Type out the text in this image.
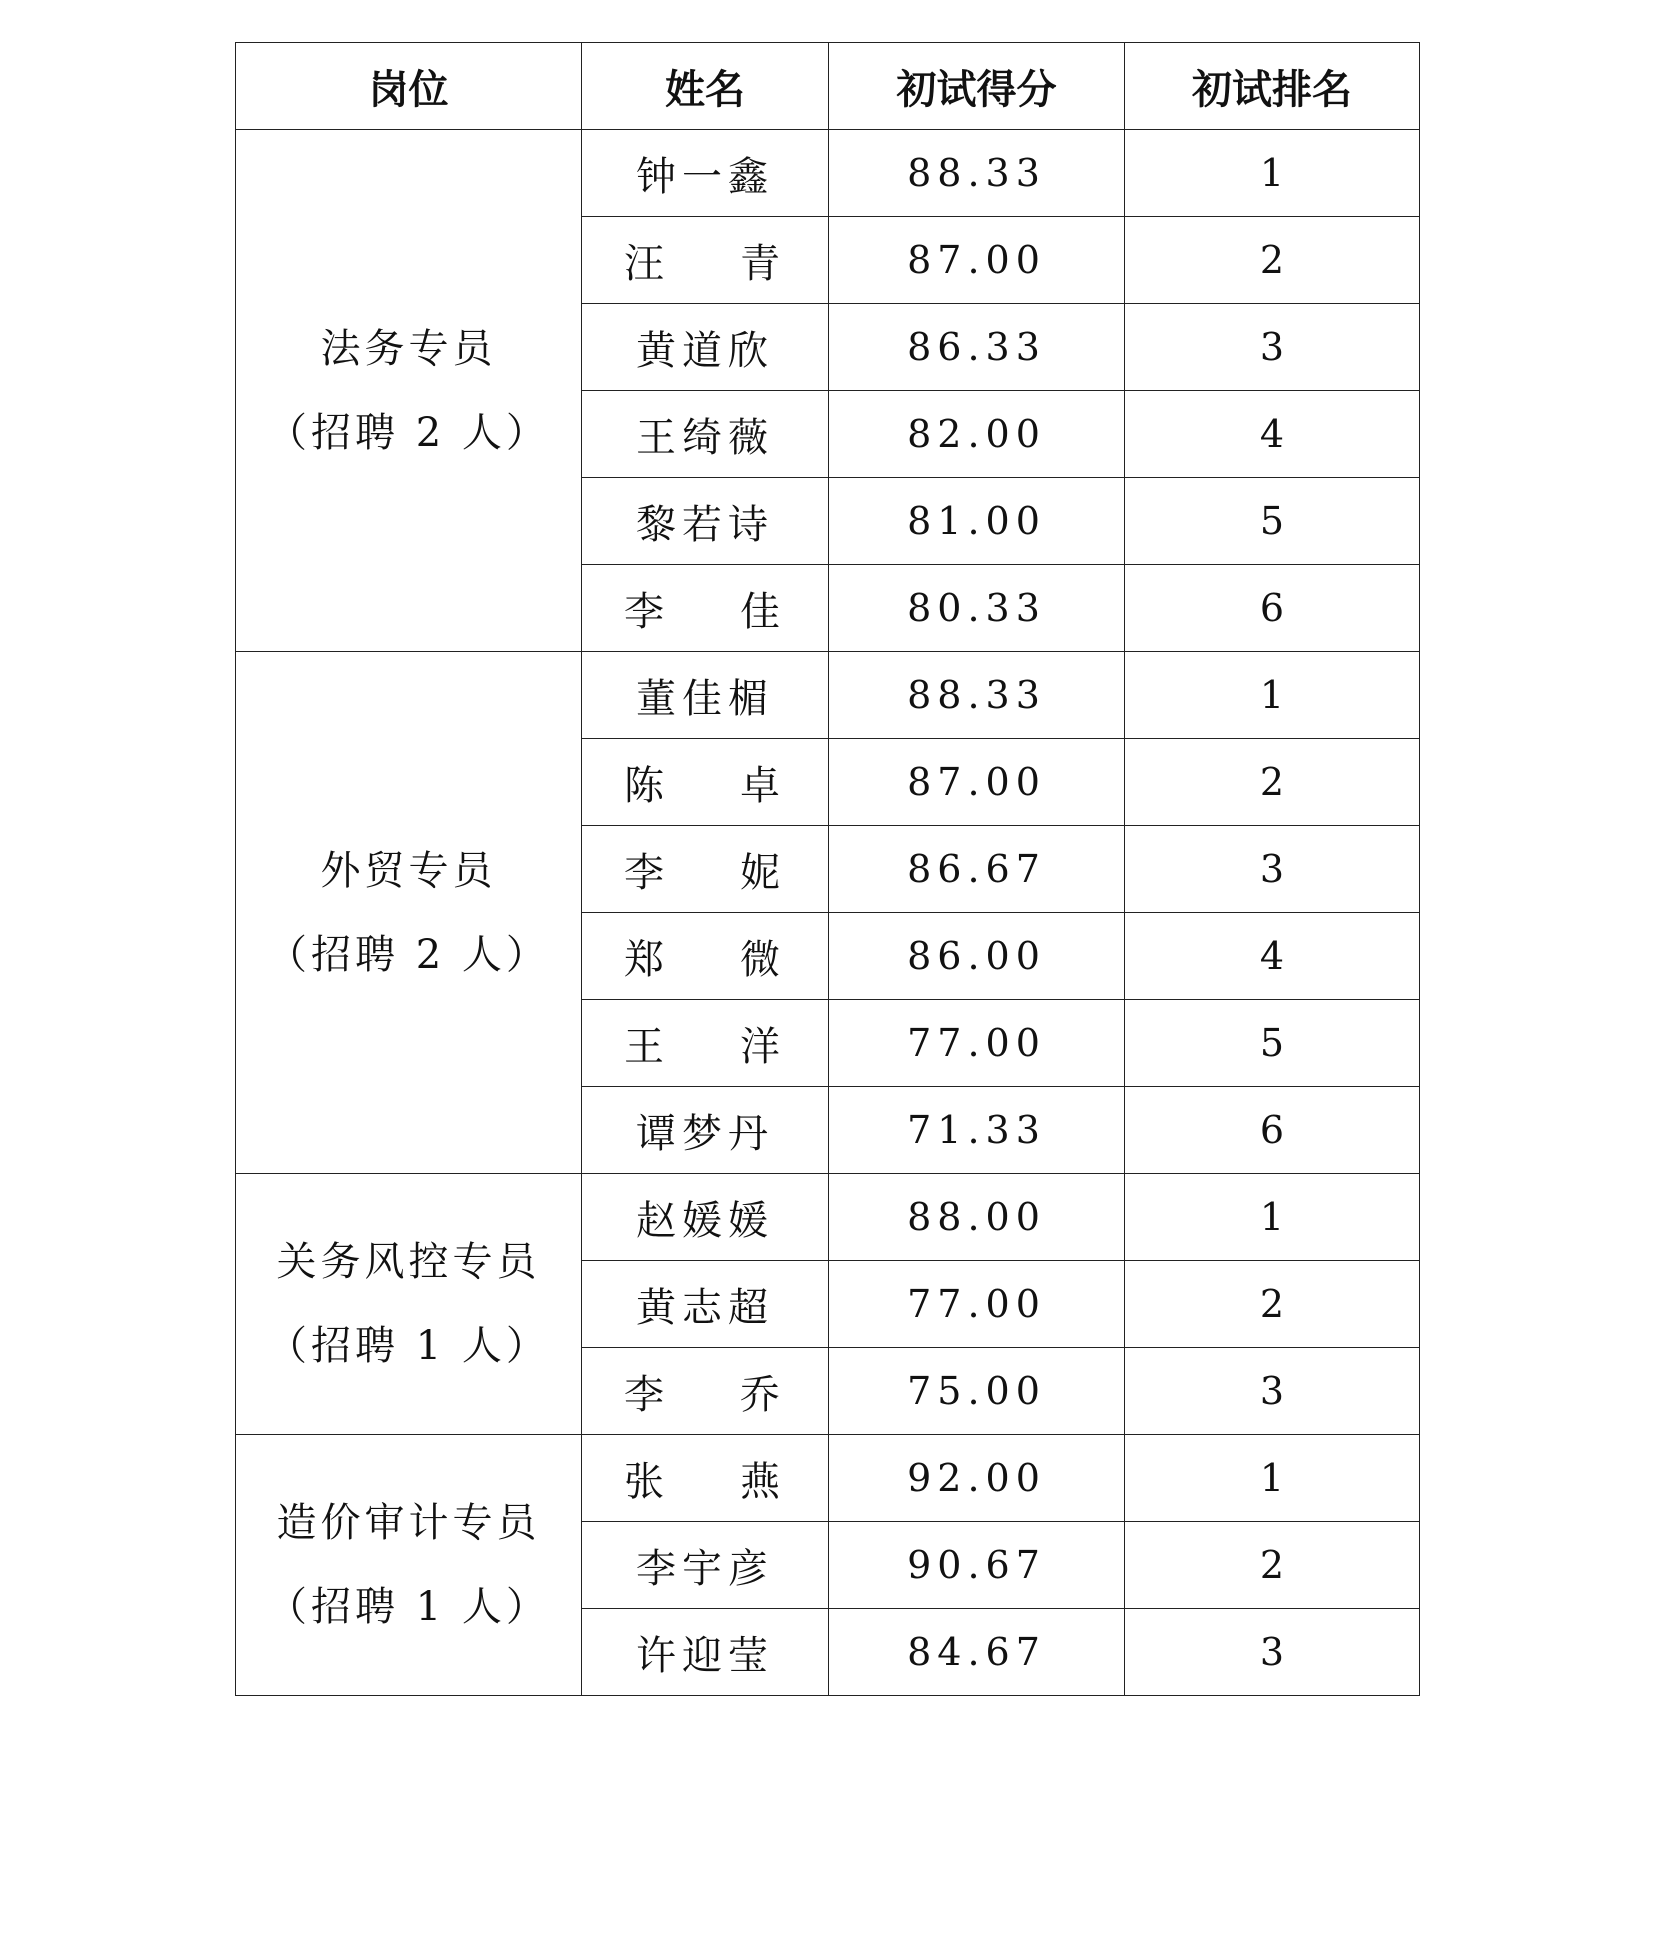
岗位	姓名	初试得分	初试排名

法务专员
（招聘 2 人）	钟一鑫	88.33	1
	汪 青	87.00	2
	黄道欣	86.33	3
	王绮薇	82.00	4
	黎若诗	81.00	5
	李 佳	80.33	6

外贸专员
（招聘 2 人）	董佳楣	88.33	1
	陈 卓	87.00	2
	李 妮	86.67	3
	郑 微	86.00	4
	王 洋	77.00	5
	谭梦丹	71.33	6

关务风控专员
（招聘 1 人）	赵媛媛	88.00	1
	黄志超	77.00	2
	李 乔	75.00	3

造价审计专员
（招聘 1 人）	张 燕	92.00	1
	李宇彦	90.67	2
	许迎莹	84.67	3
